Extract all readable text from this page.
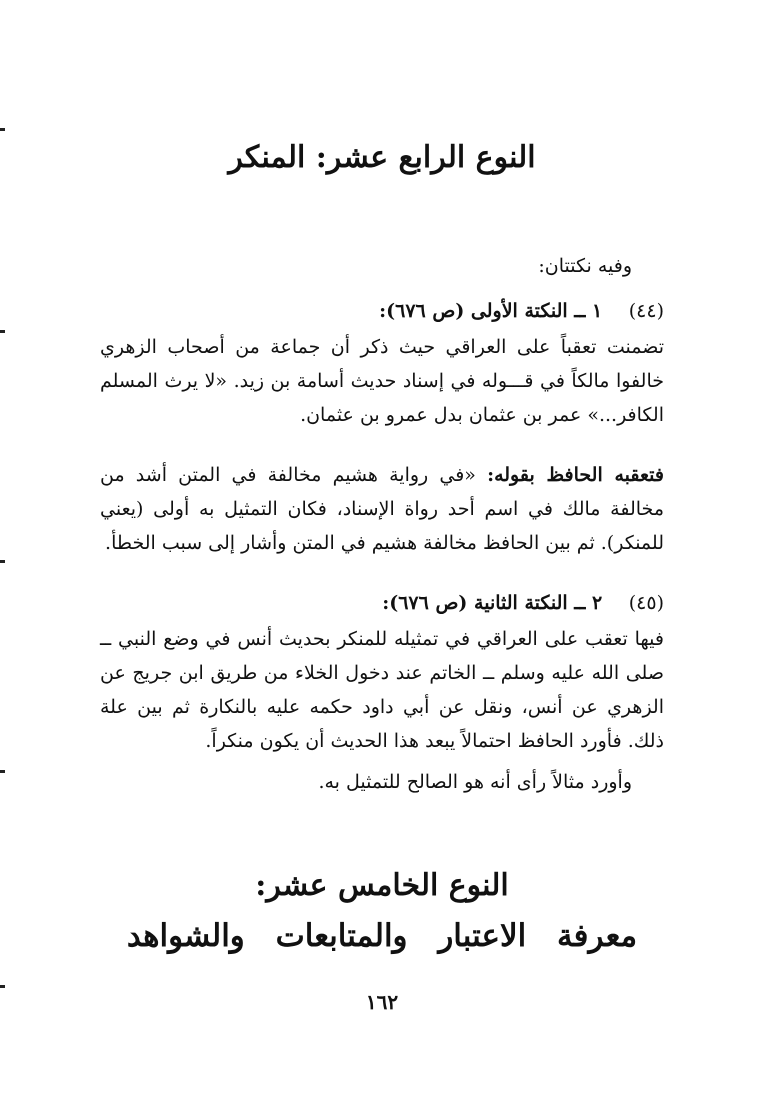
النوع الرابع عشر: المنكر
وفيه نكتتان:
(٤٤)    ١ ــ النكتة الأولى (ص ٦٧٦):
تضمنت تعقباً على العراقي حيث ذكر أن جماعة من أصحاب الزهري خالفوا مالكاً في قـــوله في إسناد حديث أسامة بن زيد. «لا يرث المسلم الكافر...» عمر بن عثمان بدل عمرو بن عثمان.
فتعقبه الحافظ بقوله: «في رواية هشيم مخالفة في المتن أشد من مخالفة مالك في اسم أحد رواة الإسناد، فكان التمثيل به أولى (يعني للمنكر). ثم بين الحافظ مخالفة هشيم في المتن وأشار إلى سبب الخطأ.
(٤٥)    ٢ ــ النكتة الثانية (ص ٦٧٦):
فيها تعقب على العراقي في تمثيله للمنكر بحديث أنس في وضع النبي ــ صلى الله عليه وسلم ــ الخاتم عند دخول الخلاء من طريق ابن جريج عن الزهري عن أنس، ونقل عن أبي داود حكمه عليه بالنكارة ثم بين علة ذلك. فأورد الحافظ احتمالاً يبعد هذا الحديث أن يكون منكراً.
وأورد مثالاً رأى أنه هو الصالح للتمثيل به.
النوع الخامس عشر:
معرفة الاعتبار والمتابعات والشواهد
١٦٢
